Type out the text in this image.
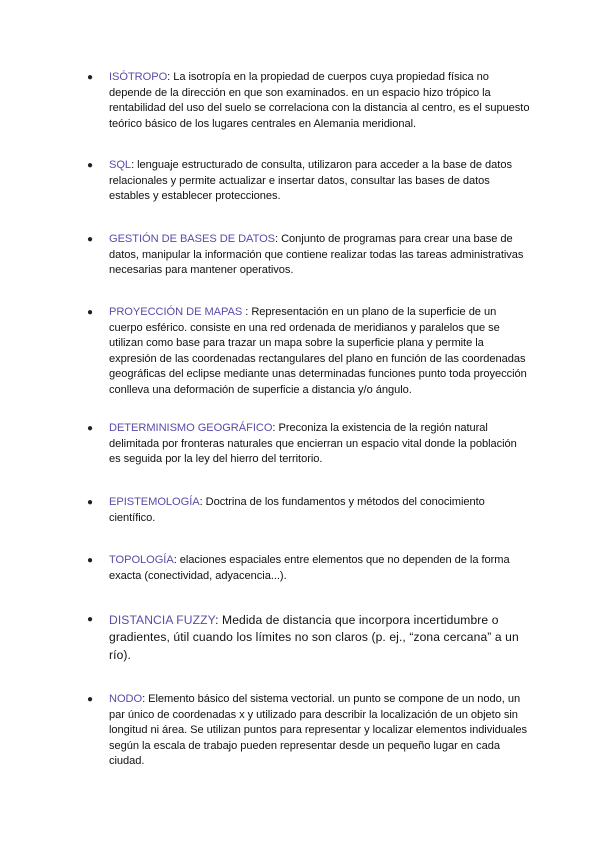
●	ISÓTROPO: La isotropía en la propiedad de cuerpos cuya propiedad física no depende de la dirección en que son examinados. en un espacio hizo trópico la rentabilidad del uso del suelo se correlaciona con la distancia al centro, es el supuesto teórico básico de los lugares centrales en Alemania meridional.
●	SQL: lenguaje estructurado de consulta, utilizaron para acceder a la base de datos relacionales y permite actualizar e insertar datos, consultar las bases de datos estables y establecer protecciones.
●	GESTIÓN DE BASES DE DATOS: Conjunto de programas para crear una base de datos, manipular la información que contiene realizar todas las tareas administrativas necesarias para mantener operativos.
●	PROYECCIÓN DE MAPAS : Representación en un plano de la superficie de un cuerpo esférico. consiste en una red ordenada de meridianos y paralelos que se utilizan como base para trazar un mapa sobre la superficie plana y permite la expresión de las coordenadas rectangulares del plano en función de las coordenadas geográficas del eclipse mediante unas determinadas funciones punto toda proyección conlleva una deformación de superficie a distancia y/o ángulo.
●	DETERMINISMO GEOGRÁFICO: Preconiza la existencia de la región natural delimitada por fronteras naturales que encierran un espacio vital donde la población es seguida por la ley del hierro del territorio.
●	EPISTEMOLOGÍA: Doctrina de los fundamentos y métodos del conocimiento científico.
●	TOPOLOGÍA: elaciones espaciales entre elementos que no dependen de la forma exacta (conectividad, adyacencia...).
●	DISTANCIA FUZZY: Medida de distancia que incorpora incertidumbre o gradientes, útil cuando los límites no son claros (p. ej., “zona cercana” a un río).
●	NODO: Elemento básico del sistema vectorial. un punto se compone de un nodo, un par único de coordenadas x y utilizado para describir la localización de un objeto sin longitud ni área. Se utilizan puntos para representar y localizar elementos individuales según la escala de trabajo pueden representar desde un pequeño lugar en cada ciudad.
